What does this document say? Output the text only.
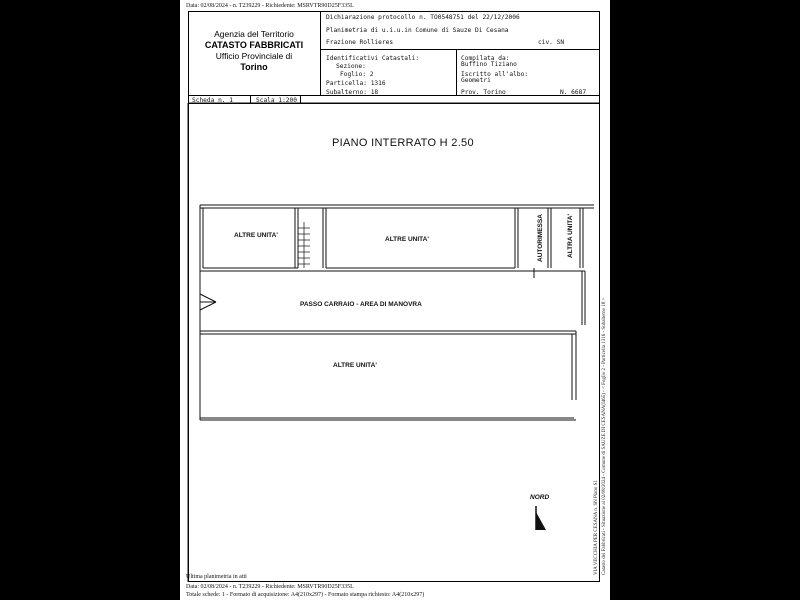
Data: 02/08/2024 - n. T239229 - Richiedente: MSRVTR90D25F335L
Agenzia del Territorio
CATASTO FABBRICATI
Ufficio Provinciale di
Torino
Dichiarazione protocollo n. TO0548751 del 22/12/2006
Planimetria di u.i.u.in Comune di Sauze Di Cesana
Frazione Rollieres	civ. SN
Identificativi Catastali:
Sezione:
Foglio: 2
Particella: 1316
Subalterno: 18
Compilata da:
Buffino Tiziano
Iscritto all'albo:
Geometri
Prov. Torino	N. 6687
Scheda n. 1	Scala 1:200
PIANO INTERRATO H 2.50
ALTRE UNITA'
ALTRE UNITA'
ALTRE UNITA'
PASSO CARRAIO - AREA DI MANOVRA
AUTORIMESSA	ALTRA UNITA'
NORD
Ultima planimetria in atti
Data: 02/08/2024 - n. T239229 - Richiedente: MSRVTR90D25F335L
Totale schede: 1 - Formato di acquisizione: A4(210x297) - Formato stampa richiesto: A4(210x297)
Catasto dei Fabbricati - Situazione al 02/08/2024 - Comune di SAUZE DI CESANA(I465) - < Foglio 2 - Particella 1316 - Subalterno 18 >
VIA VECCHIA PER CESANA n. SN Piano S1
